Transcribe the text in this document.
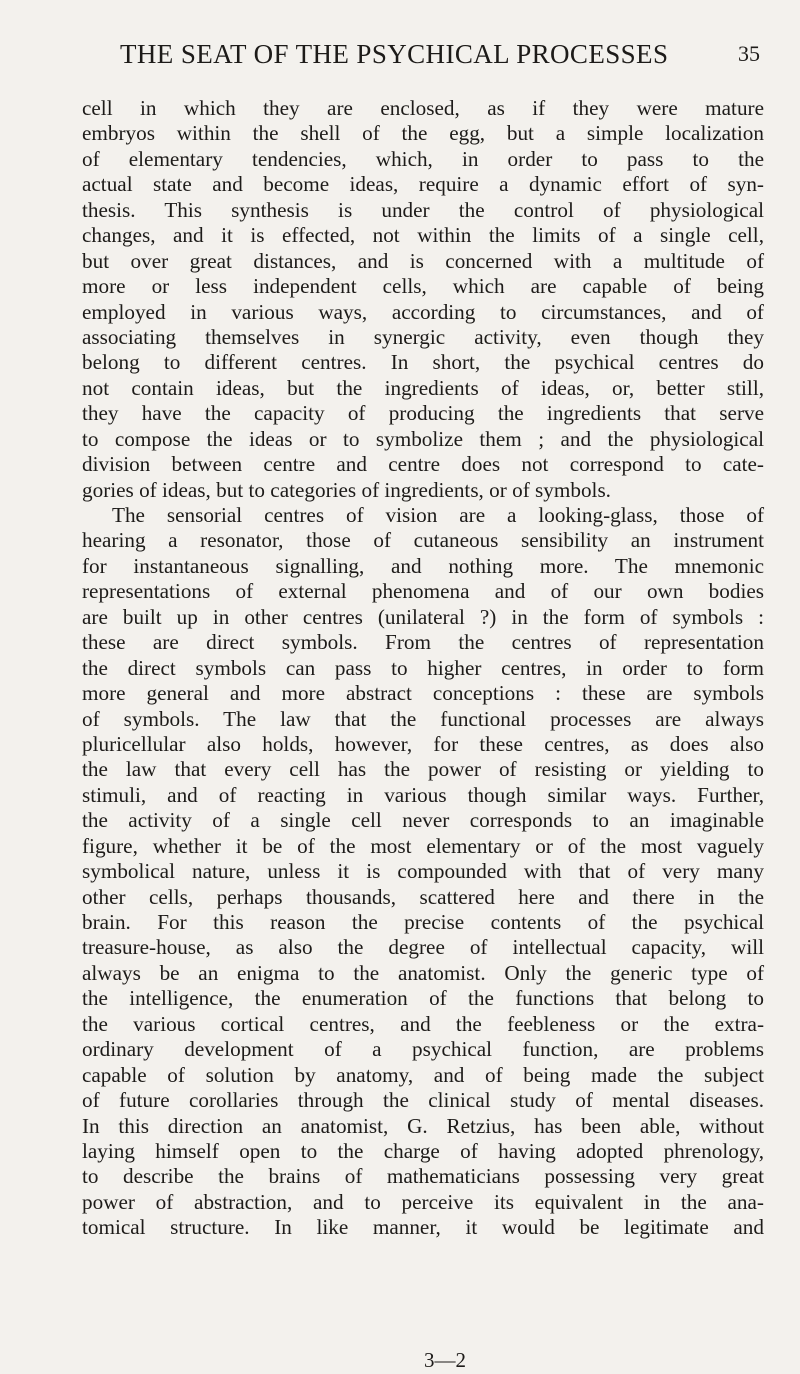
THE SEAT OF THE PSYCHICAL PROCESSES	35
cell in which they are enclosed, as if they were mature
embryos within the shell of the egg, but a simple localization
of elementary tendencies, which, in order to pass to the
actual state and become ideas, require a dynamic effort of syn-
thesis. This synthesis is under the control of physiological
changes, and it is effected, not within the limits of a single cell,
but over great distances, and is concerned with a multitude of
more or less independent cells, which are capable of being
employed in various ways, according to circumstances, and of
associating themselves in synergic activity, even though they
belong to different centres. In short, the psychical centres do
not contain ideas, but the ingredients of ideas, or, better still,
they have the capacity of producing the ingredients that serve
to compose the ideas or to symbolize them ; and the physiological
division between centre and centre does not correspond to cate-
gories of ideas, but to categories of ingredients, or of symbols.
The sensorial centres of vision are a looking-glass, those of
hearing a resonator, those of cutaneous sensibility an instrument
for instantaneous signalling, and nothing more. The mnemonic
representations of external phenomena and of our own bodies
are built up in other centres (unilateral ?) in the form of symbols :
these are direct symbols. From the centres of representation
the direct symbols can pass to higher centres, in order to form
more general and more abstract conceptions : these are symbols
of symbols. The law that the functional processes are always
pluricellular also holds, however, for these centres, as does also
the law that every cell has the power of resisting or yielding to
stimuli, and of reacting in various though similar ways. Further,
the activity of a single cell never corresponds to an imaginable
figure, whether it be of the most elementary or of the most vaguely
symbolical nature, unless it is compounded with that of very many
other cells, perhaps thousands, scattered here and there in the
brain. For this reason the precise contents of the psychical
treasure-house, as also the degree of intellectual capacity, will
always be an enigma to the anatomist. Only the generic type of
the intelligence, the enumeration of the functions that belong to
the various cortical centres, and the feebleness or the extra-
ordinary development of a psychical function, are problems
capable of solution by anatomy, and of being made the subject
of future corollaries through the clinical study of mental diseases.
In this direction an anatomist, G. Retzius, has been able, without
laying himself open to the charge of having adopted phrenology,
to describe the brains of mathematicians possessing very great
power of abstraction, and to perceive its equivalent in the ana-
tomical structure. In like manner, it would be legitimate and
3—2
